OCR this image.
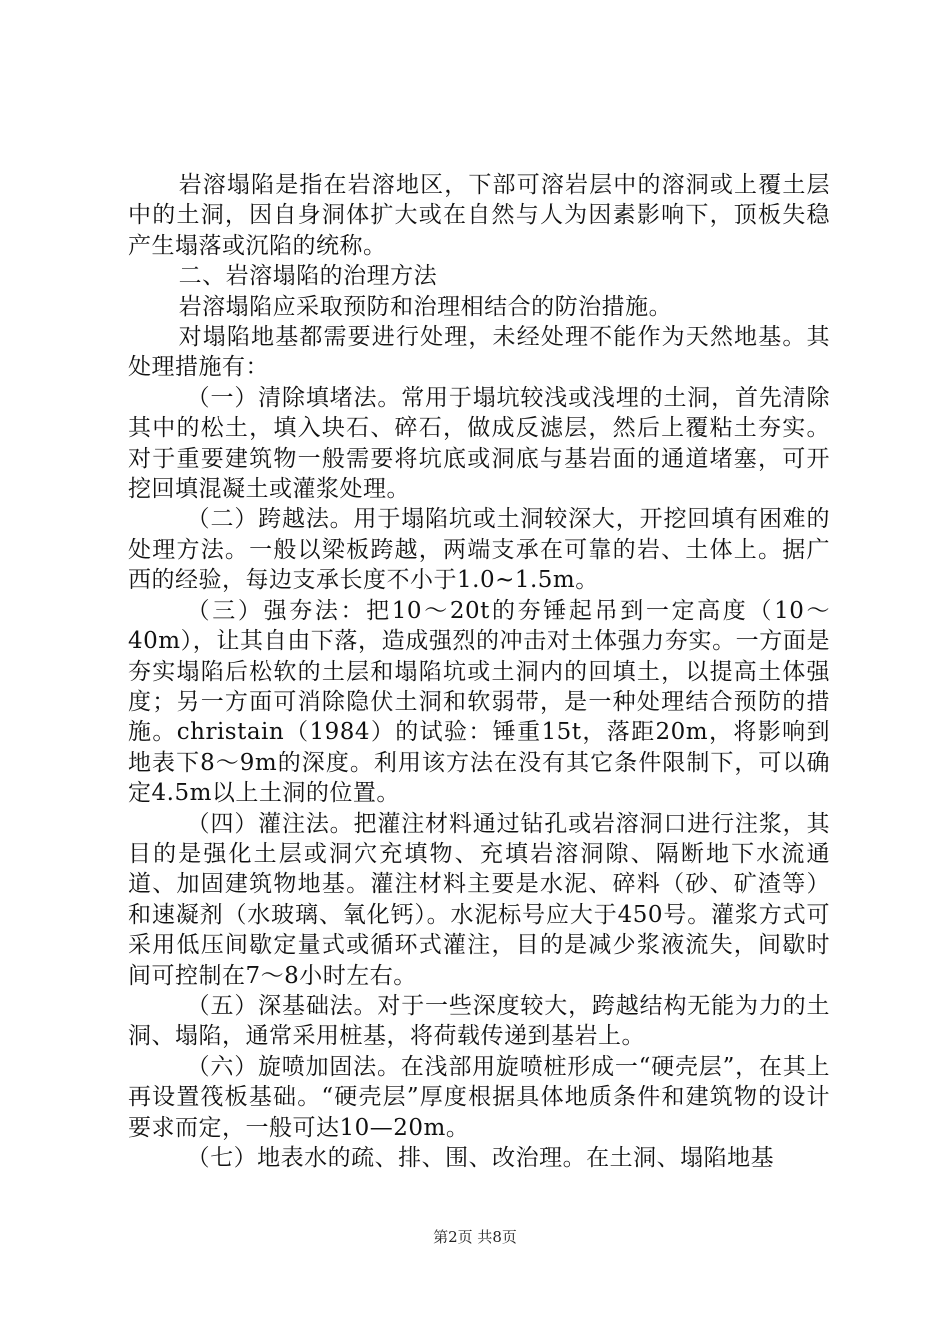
岩溶塌陷是指在岩溶地区，下部可溶岩层中的溶洞或上覆土层中的土洞，因自身洞体扩大或在自然与人为因素影响下，顶板失稳产生塌落或沉陷的统称。

二、岩溶塌陷的治理方法

岩溶塌陷应采取预防和治理相结合的防治措施。

对塌陷地基都需要进行处理，未经处理不能作为天然地基。其处理措施有：

（一）清除填堵法。常用于塌坑较浅或浅埋的土洞，首先清除其中的松土，填入块石、碎石，做成反滤层，然后上覆粘土夯实。对于重要建筑物一般需要将坑底或洞底与基岩面的通道堵塞，可开挖回填混凝土或灌浆处理。

（二）跨越法。用于塌陷坑或土洞较深大，开挖回填有困难的处理方法。一般以梁板跨越，两端支承在可靠的岩、土体上。据广西的经验，每边支承长度不小于1.0~1.5m。

（三）强夯法：把10～20t的夯锤起吊到一定高度（10～40m），让其自由下落，造成强烈的冲击对土体强力夯实。一方面是夯实塌陷后松软的土层和塌陷坑或土洞内的回填土，以提高土体强度；另一方面可消除隐伏土洞和软弱带，是一种处理结合预防的措施。christain（1984）的试验：锤重15t，落距20m，将影响到地表下8～9m的深度。利用该方法在没有其它条件限制下，可以确定4.5m以上土洞的位置。

（四）灌注法。把灌注材料通过钻孔或岩溶洞口进行注浆，其目的是强化土层或洞穴充填物、充填岩溶洞隙、隔断地下水流通道、加固建筑物地基。灌注材料主要是水泥、碎料（砂、矿渣等）和速凝剂（水玻璃、氧化钙）。水泥标号应大于450号。灌浆方式可采用低压间歇定量式或循环式灌注，目的是减少浆液流失，间歇时间可控制在7～8小时左右。

（五）深基础法。对于一些深度较大，跨越结构无能为力的土洞、塌陷，通常采用桩基，将荷载传递到基岩上。

（六）旋喷加固法。在浅部用旋喷桩形成一“硬壳层”，在其上再设置筏板基础。“硬壳层”厚度根据具体地质条件和建筑物的设计要求而定，一般可达10—20m。

（七）地表水的疏、排、围、改治理。在土洞、塌陷地基

第2页 共8页
